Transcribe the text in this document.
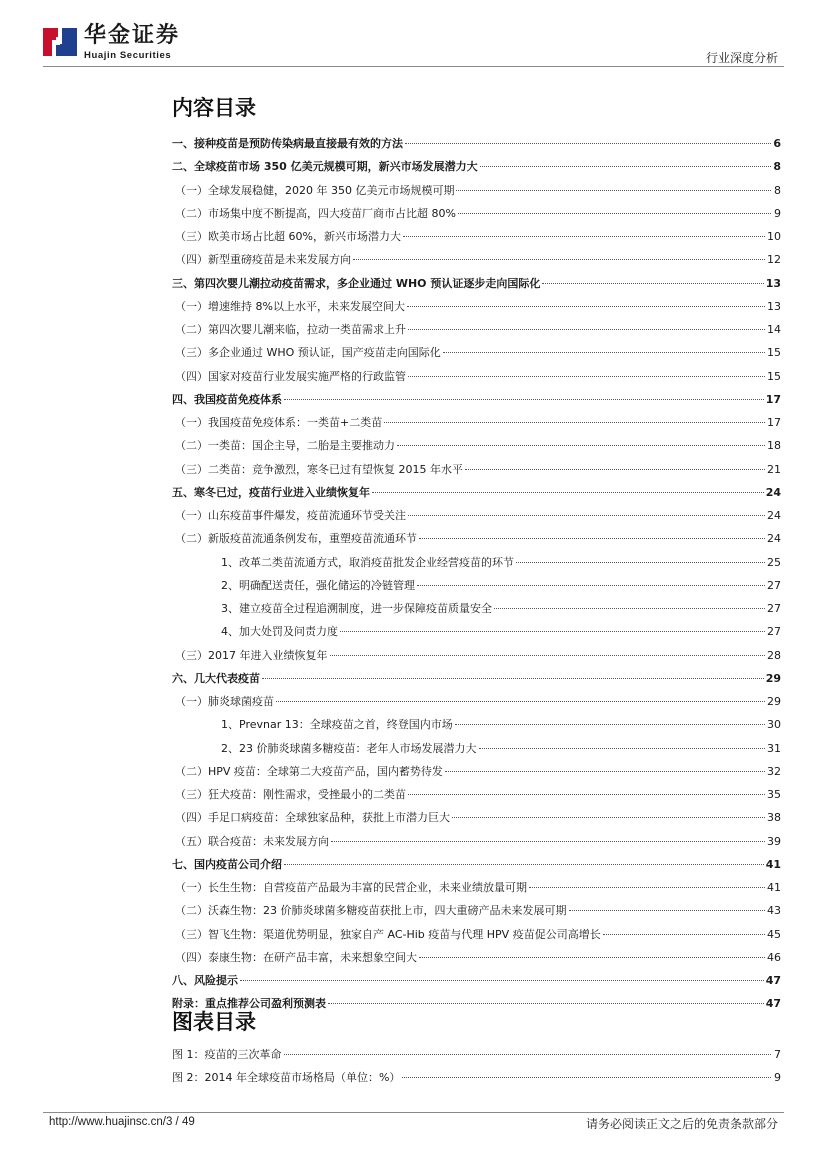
华金证券
Huajin Securities	行业深度分析
内容目录
一、接种疫苗是预防传染病最直接最有效的方法	6
二、全球疫苗市场 350 亿美元规模可期，新兴市场发展潜力大	8
（一）全球发展稳健，2020 年 350 亿美元市场规模可期	8
（二）市场集中度不断提高，四大疫苗厂商市占比超 80%	9
（三）欧美市场占比超 60%，新兴市场潜力大	10
（四）新型重磅疫苗是未来发展方向	12
三、第四次婴儿潮拉动疫苗需求，多企业通过 WHO 预认证逐步走向国际化	13
（一）增速维持 8%以上水平，未来发展空间大	13
（二）第四次婴儿潮来临，拉动一类苗需求上升	14
（三）多企业通过 WHO 预认证，国产疫苗走向国际化	15
（四）国家对疫苗行业发展实施严格的行政监管	15
四、我国疫苗免疫体系	17
（一）我国疫苗免疫体系：一类苗+二类苗	17
（二）一类苗：国企主导，二胎是主要推动力	18
（三）二类苗：竞争激烈，寒冬已过有望恢复 2015 年水平	21
五、寒冬已过，疫苗行业进入业绩恢复年	24
（一）山东疫苗事件爆发，疫苗流通环节受关注	24
（二）新版疫苗流通条例发布，重塑疫苗流通环节	24
1、改革二类苗流通方式，取消疫苗批发企业经营疫苗的环节	25
2、明确配送责任，强化储运的冷链管理	27
3、建立疫苗全过程追溯制度，进一步保障疫苗质量安全	27
4、加大处罚及问责力度	27
（三）2017 年进入业绩恢复年	28
六、几大代表疫苗	29
（一）肺炎球菌疫苗	29
1、Prevnar 13：全球疫苗之首，终登国内市场	30
2、23 价肺炎球菌多糖疫苗：老年人市场发展潜力大	31
（二）HPV 疫苗：全球第二大疫苗产品，国内蓄势待发	32
（三）狂犬疫苗：刚性需求，受挫最小的二类苗	35
（四）手足口病疫苗：全球独家品种，获批上市潜力巨大	38
（五）联合疫苗：未来发展方向	39
七、国内疫苗公司介绍	41
（一）长生生物：自营疫苗产品最为丰富的民营企业，未来业绩放量可期	41
（二）沃森生物：23 价肺炎球菌多糖疫苗获批上市，四大重磅产品未来发展可期	43
（三）智飞生物：渠道优势明显，独家自产 AC-Hib 疫苗与代理 HPV 疫苗促公司高增长	45
（四）泰康生物：在研产品丰富，未来想象空间大	46
八、风险提示	47
附录：重点推荐公司盈利预测表	47
图表目录
图 1：疫苗的三次革命	7
图 2：2014 年全球疫苗市场格局（单位：%）	9
http://www.huajinsc.cn/3 / 49	请务必阅读正文之后的免责条款部分
